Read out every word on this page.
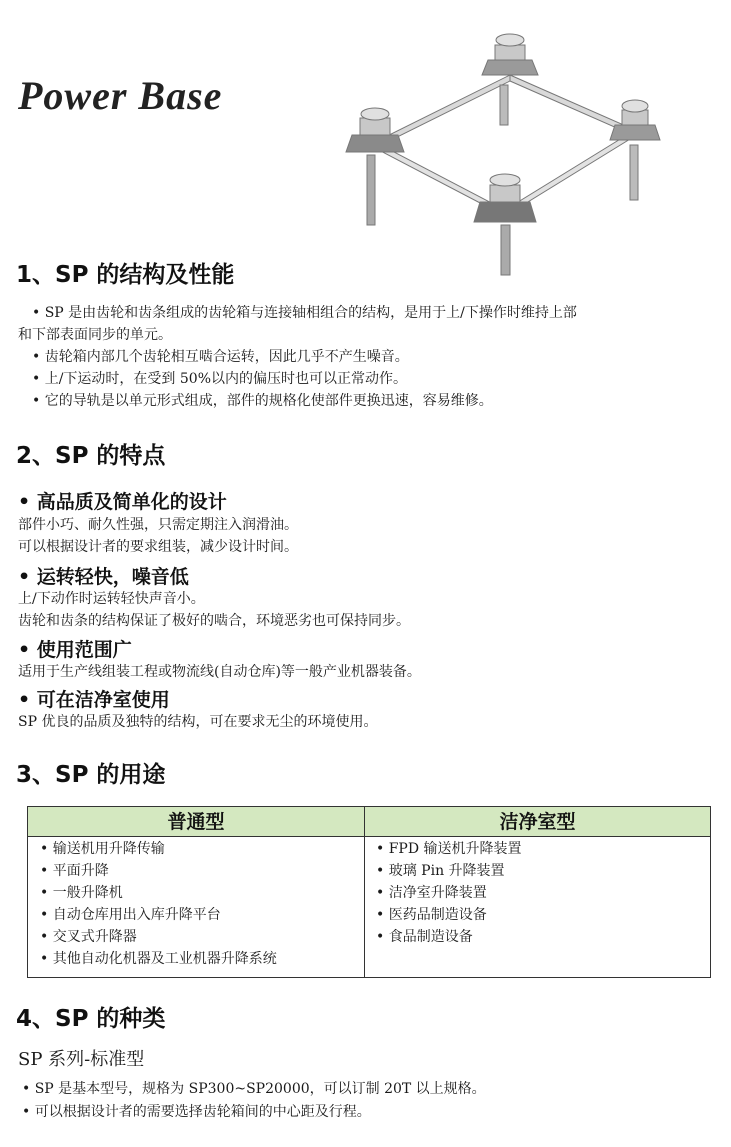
Power Base
1、SP 的结构及性能
• SP 是由齿轮和齿条组成的齿轮箱与连接轴相组合的结构，是用于上/下操作时维持上部
和下部表面同步的单元。
• 齿轮箱内部几个齿轮相互啮合运转，因此几乎不产生噪音。
• 上/下运动时，在受到 50%以内的偏压时也可以正常动作。
• 它的导轨是以单元形式组成，部件的规格化使部件更换迅速，容易维修。
2、SP 的特点
• 高品质及简单化的设计
部件小巧、耐久性强，只需定期注入润滑油。
可以根据设计者的要求组装，减少设计时间。
• 运转轻快，噪音低
上/下动作时运转轻快声音小。
齿轮和齿条的结构保证了极好的啮合，环境恶劣也可保持同步。
• 使用范围广
适用于生产线组装工程或物流线(自动仓库)等一般产业机器装备。
• 可在洁净室使用
SP 优良的品质及独特的结构，可在要求无尘的环境使用。
3、SP 的用途
普通型	洁净室型
• 输送机用升降传输
• 平面升降
• 一般升降机
• 自动仓库用出入库升降平台
• 交叉式升降器
• 其他自动化机器及工业机器升降系统
• FPD 输送机升降装置
• 玻璃 Pin 升降装置
• 洁净室升降装置
• 医药品制造设备
• 食品制造设备
4、SP 的种类
SP 系列-标准型
• SP 是基本型号，规格为 SP300~SP20000，可以订制 20T 以上规格。
• 可以根据设计者的需要选择齿轮箱间的中心距及行程。
